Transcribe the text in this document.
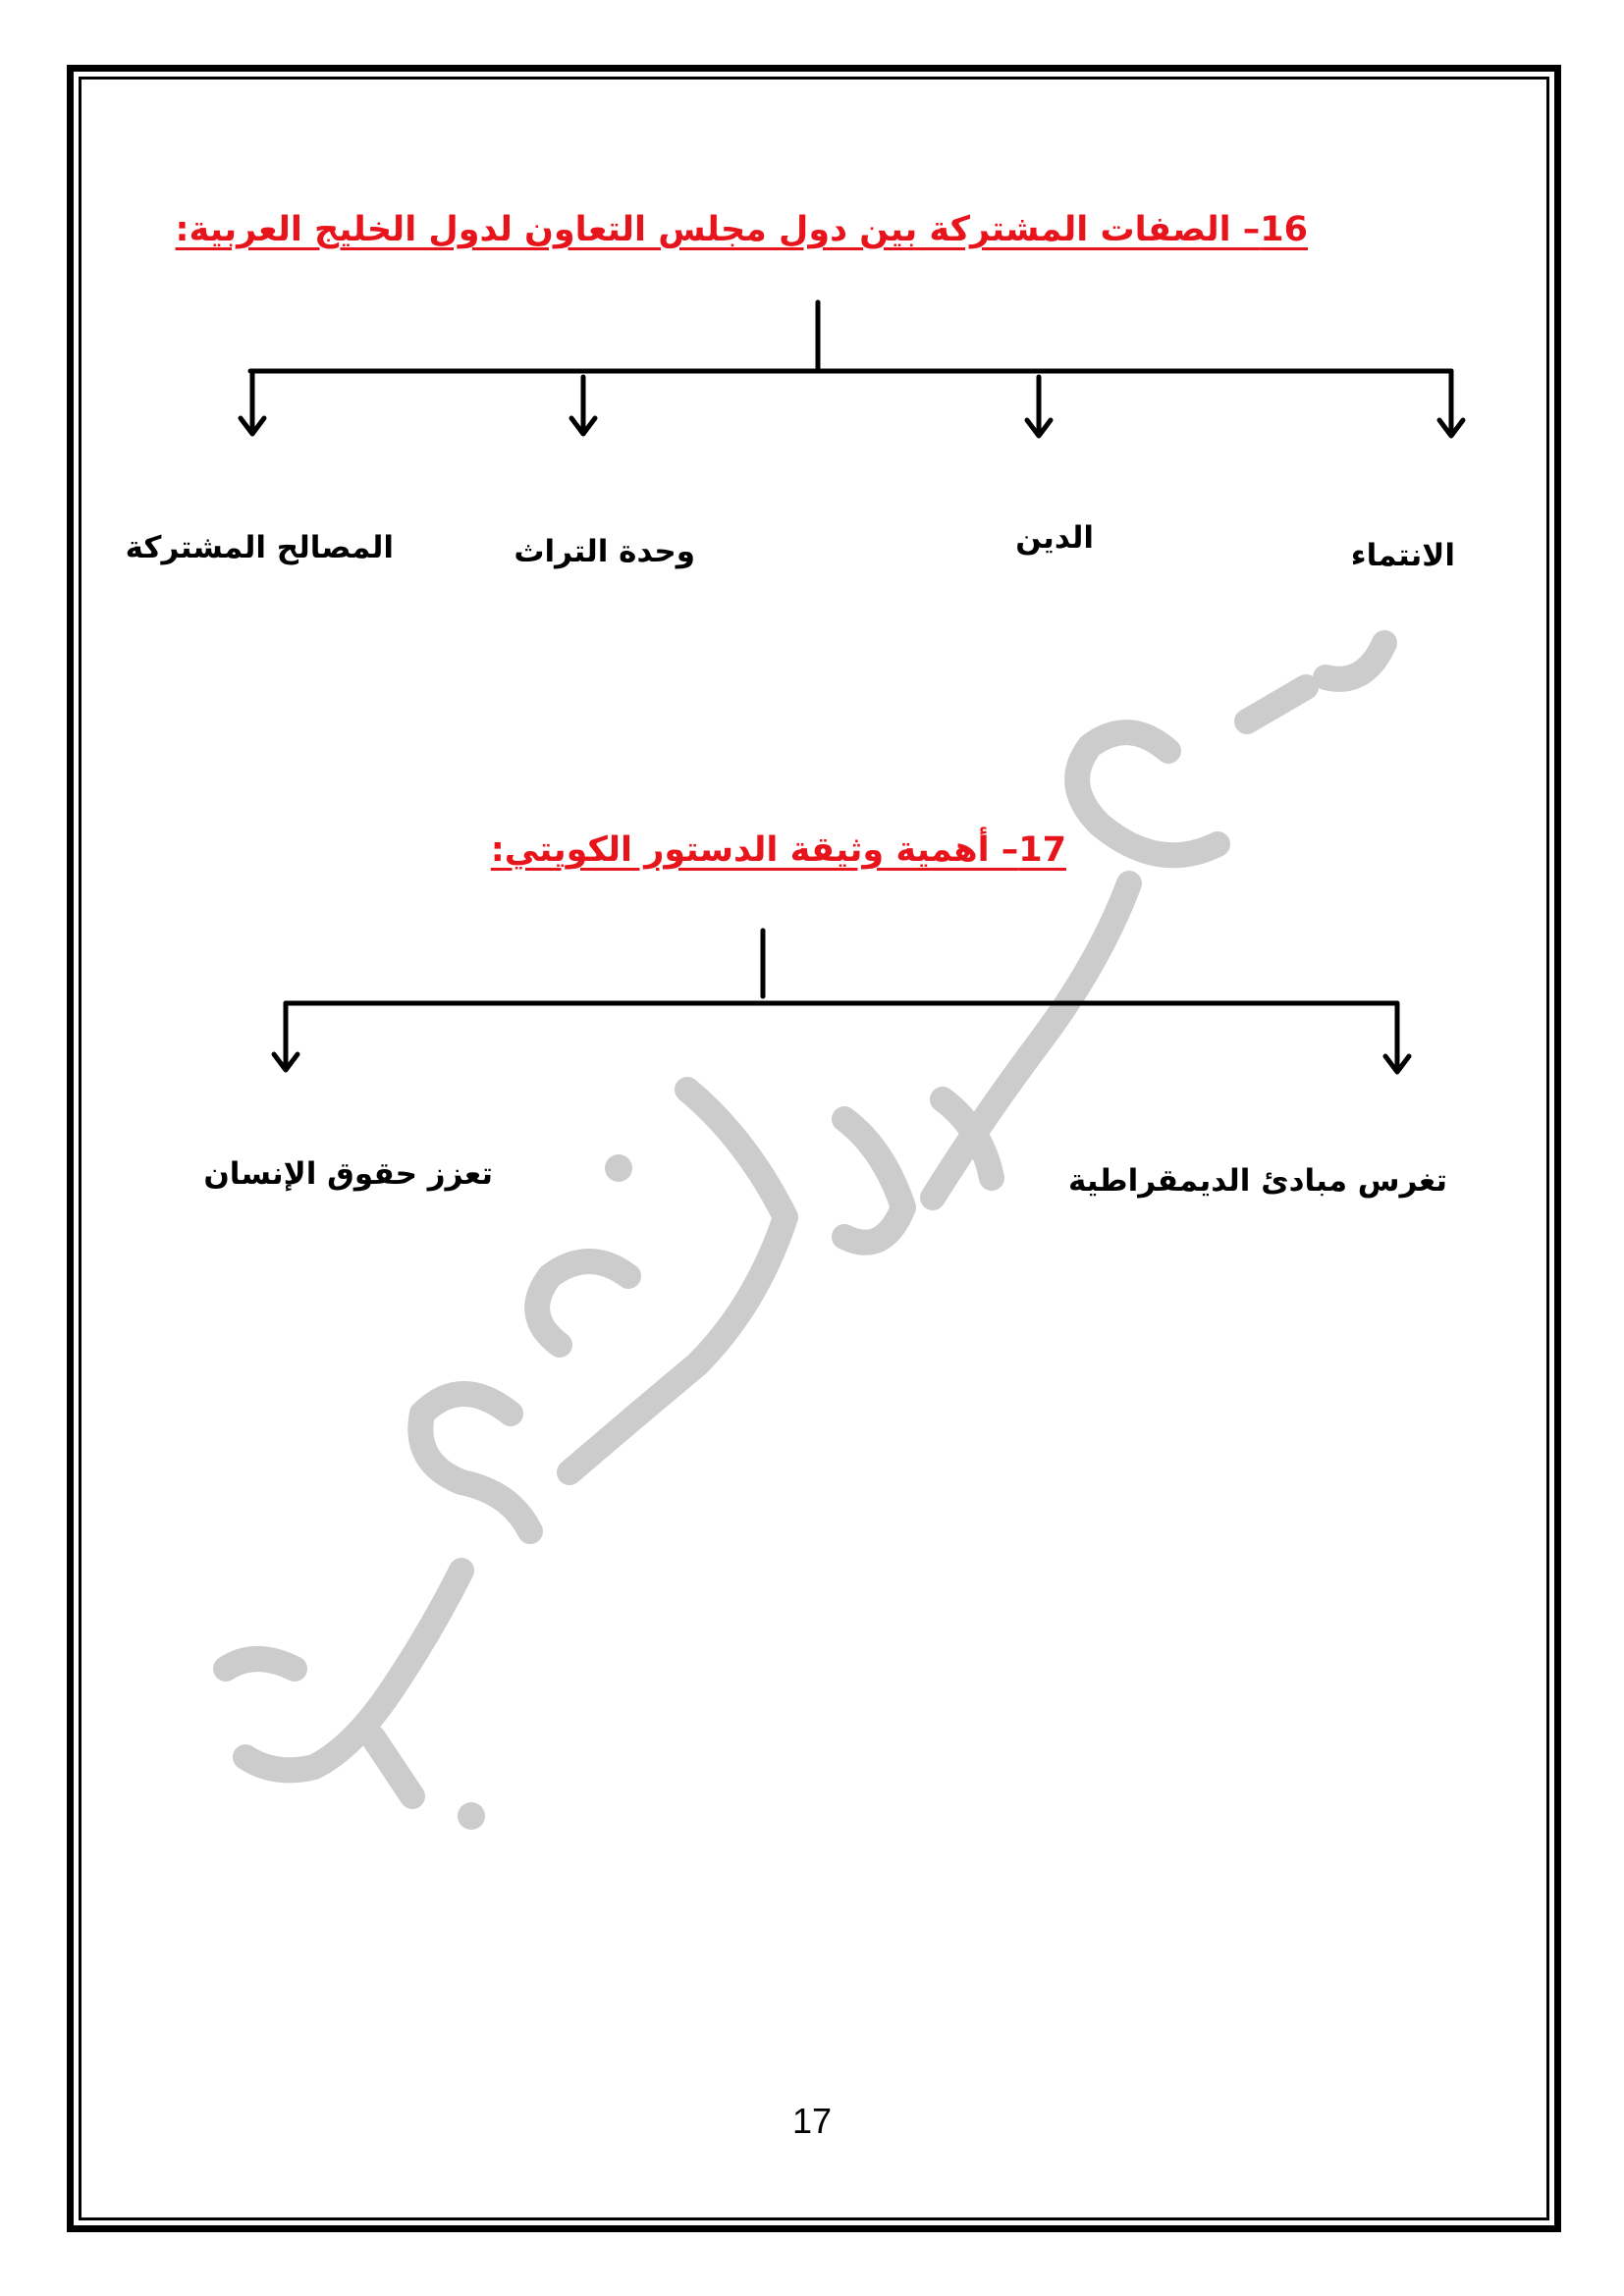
16– الصفات المشتركة بين دول مجلس التعاون لدول الخليج العربية:
الانتماء
الدين
وحدة التراث
المصالح المشتركة
17– أهمية وثيقة الدستور الكويتي:
تغرس مبادئ الديمقراطية
تعزز حقوق الإنسان
17
